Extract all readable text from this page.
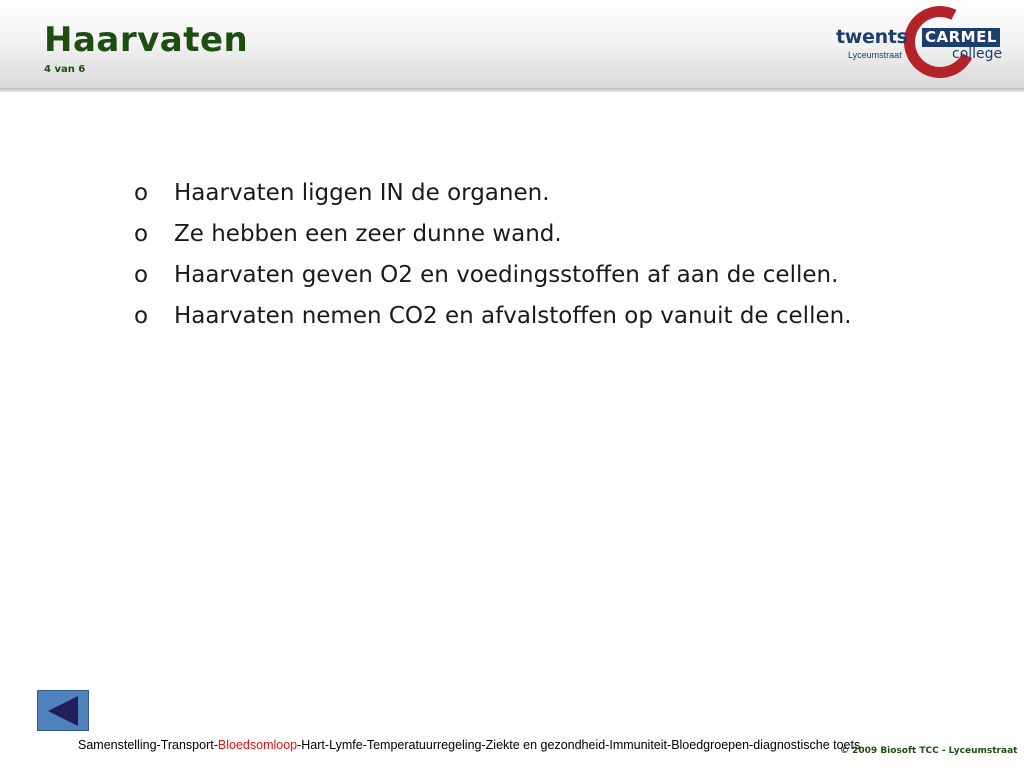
Haarvaten
4 van 6
twents
Lyceumstraat
CARMEL
college
o	Haarvaten liggen IN de organen.
o	Ze hebben een zeer dunne wand.
o	Haarvaten geven O2 en voedingsstoffen af aan de cellen.
o	Haarvaten nemen CO2 en afvalstoffen op vanuit de cellen.
Samenstelling-Transport-Bloedsomloop-Hart-Lymfe-Temperatuurregeling-Ziekte en gezondheid-Immuniteit-Bloedgroepen-diagnostische toets
© 2009 Biosoft TCC - Lyceumstraat
